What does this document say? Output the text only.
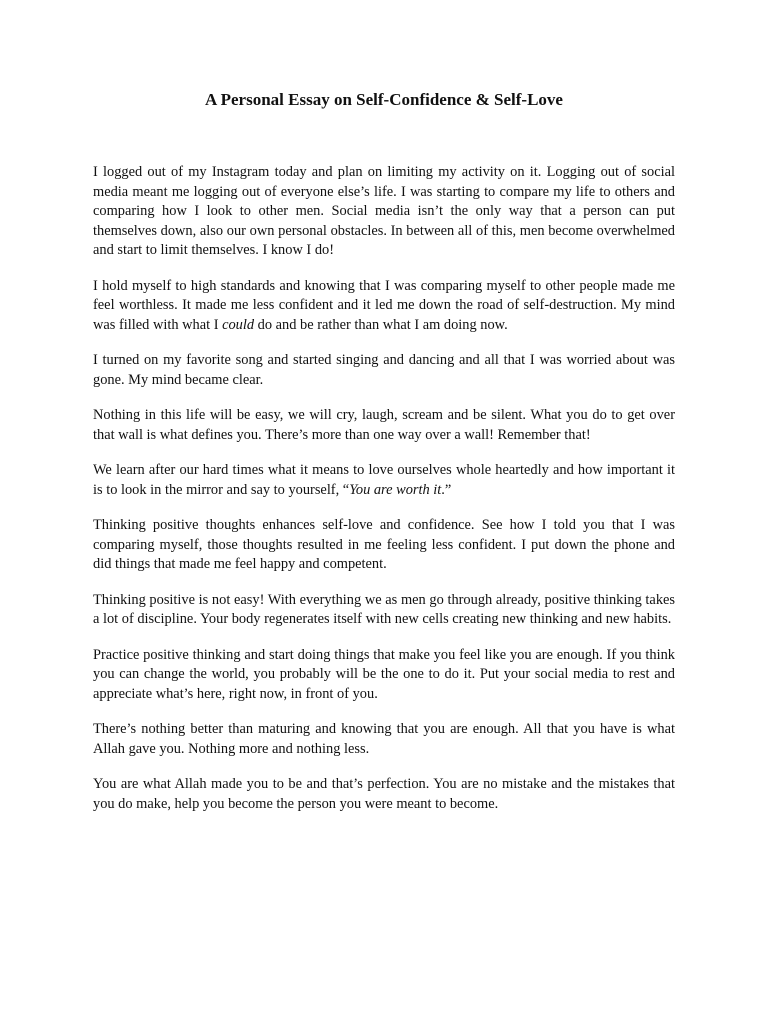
A Personal Essay on Self-Confidence & Self-Love

I logged out of my Instagram today and plan on limiting my activity on it. Logging out of social media meant me logging out of everyone else’s life. I was starting to compare my life to others and comparing how I look to other men. Social media isn’t the only way that a person can put themselves down, also our own personal obstacles. In between all of this, men become overwhelmed and start to limit themselves. I know I do!

I hold myself to high standards and knowing that I was comparing myself to other people made me feel worthless. It made me less confident and it led me down the road of self-destruction. My mind was filled with what I could do and be rather than what I am doing now.

I turned on my favorite song and started singing and dancing and all that I was worried about was gone. My mind became clear.

Nothing in this life will be easy, we will cry, laugh, scream and be silent. What you do to get over that wall is what defines you. There’s more than one way over a wall! Remember that!

We learn after our hard times what it means to love ourselves whole heartedly and how important it is to look in the mirror and say to yourself, “You are worth it.”

Thinking positive thoughts enhances self-love and confidence. See how I told you that I was comparing myself, those thoughts resulted in me feeling less confident. I put down the phone and did things that made me feel happy and competent.

Thinking positive is not easy! With everything we as men go through already, positive thinking takes a lot of discipline. Your body regenerates itself with new cells creating new thinking and new habits.

Practice positive thinking and start doing things that make you feel like you are enough. If you think you can change the world, you probably will be the one to do it. Put your social media to rest and appreciate what’s here, right now, in front of you.

There’s nothing better than maturing and knowing that you are enough. All that you have is what Allah gave you. Nothing more and nothing less.

You are what Allah made you to be and that’s perfection. You are no mistake and the mistakes that you do make, help you become the person you were meant to become.
